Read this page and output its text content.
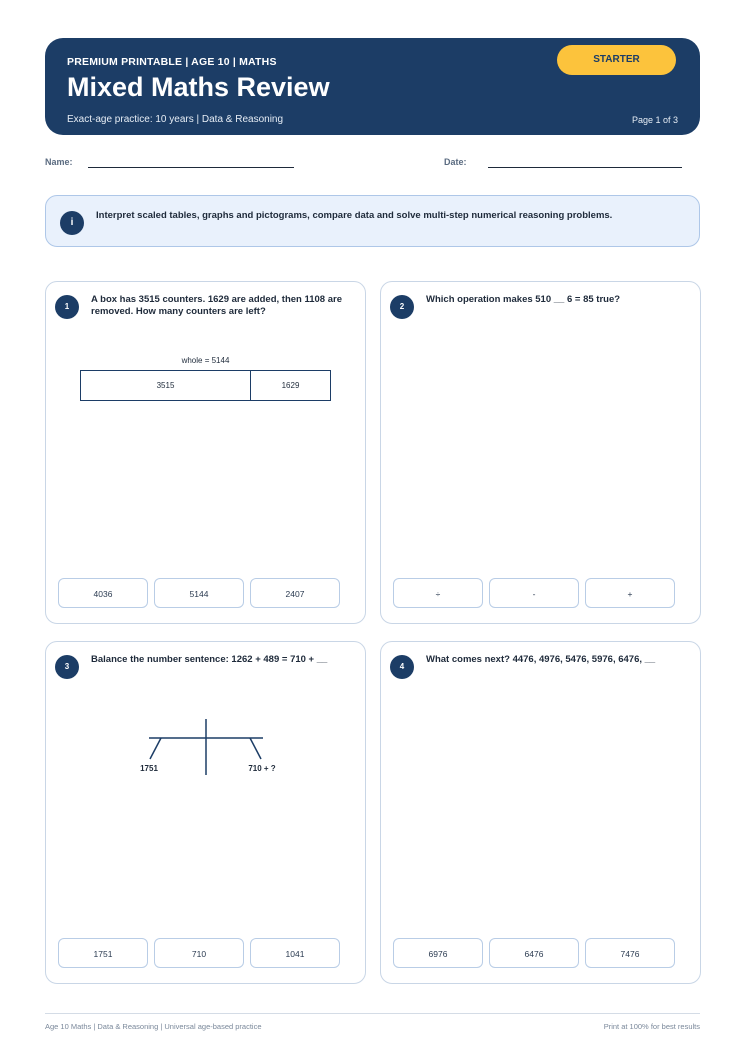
PREMIUM PRINTABLE | AGE 10 | MATHS
Mixed Maths Review
Exact-age practice: 10 years | Data & Reasoning	Page 1 of 3
STARTER
Name:	Date:
i
Interpret scaled tables, graphs and pictograms, compare data and solve multi-step numerical reasoning problems.
1
A box has 3515 counters. 1629 are added, then 1108 are removed. How many counters are left?
whole = 5144
3515	1629
4036	5144	2407
2
Which operation makes 510 __ 6 = 85 true?
÷	-	+
3
Balance the number sentence: 1262 + 489 = 710 + __
1751	710 + ?
1751	710	1041
4
What comes next? 4476, 4976, 5476, 5976, 6476, __
6976	6476	7476
Age 10 Maths | Data & Reasoning | Universal age-based practice	Print at 100% for best results
